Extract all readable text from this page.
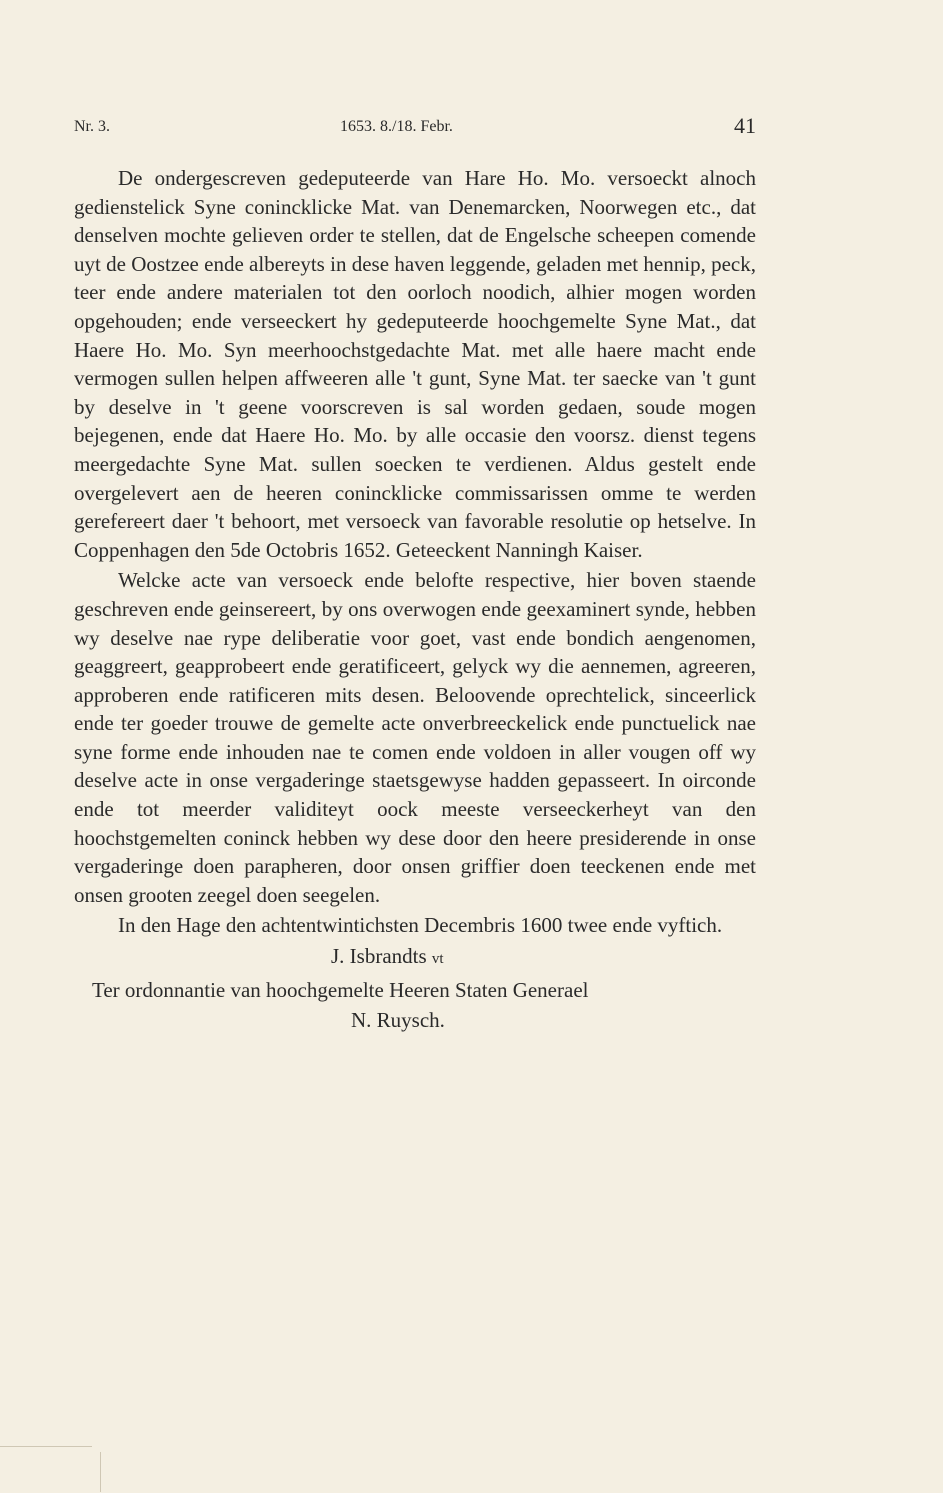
Nr. 3.	1653. 8./18. Febr.	41

De ondergescreven gedeputeerde van Hare Ho. Mo. versoeckt alnoch gedienstelick Syne conincklicke Mat. van Denemarcken, Noorwegen etc., dat denselven mochte gelieven order te stellen, dat de Engelsche scheepen comende uyt de Oostzee ende albereyts in dese haven leggende, geladen met hennip, peck, teer ende andere materialen tot den oorloch noodich, alhier mogen worden opgehouden; ende verseeckert hy gedeputeerde hoochgemelte Syne Mat., dat Haere Ho. Mo. Syn meerhoochstgedachte Mat. met alle haere macht ende vermogen sullen helpen affweeren alle 't gunt, Syne Mat. ter saecke van 't gunt by deselve in 't geene voorscreven is sal worden gedaen, soude mogen bejegenen, ende dat Haere Ho. Mo. by alle occasie den voorsz. dienst tegens meergedachte Syne Mat. sullen soecken te verdienen. Aldus gestelt ende overgelevert aen de heeren conincklicke commissarissen omme te werden gerefereert daer 't behoort, met versoeck van favorable resolutie op hetselve. In Coppenhagen den 5de Octobris 1652. Geteeckent Nanningh Kaiser.

Welcke acte van versoeck ende belofte respective, hier boven staende geschreven ende geinsereert, by ons overwogen ende geexaminert synde, hebben wy deselve nae rype deliberatie voor goet, vast ende bondich aengenomen, geaggreert, geapprobeert ende geratificeert, gelyck wy die aennemen, agreeren, approberen ende ratificeren mits desen. Beloovende oprechtelick, sinceerlick ende ter goeder trouwe de gemelte acte onverbreeckelick ende punctuelick nae syne forme ende inhouden nae te comen ende voldoen in aller vougen off wy deselve acte in onse vergaderinge staetsgewyse hadden gepasseert. In oirconde ende tot meerder validiteyt oock meeste verseeckerheyt van den hoochstgemelten coninck hebben wy dese door den heere presiderende in onse vergaderinge doen parapheren, door onsen griffier doen teeckenen ende met onsen grooten zeegel doen seegelen.

In den Hage den achtentwintichsten Decembris 1600 twee ende vyftich.

J. Isbrandts vt

Ter ordonnantie van hoochgemelte Heeren Staten Generael

N. Ruysch.
